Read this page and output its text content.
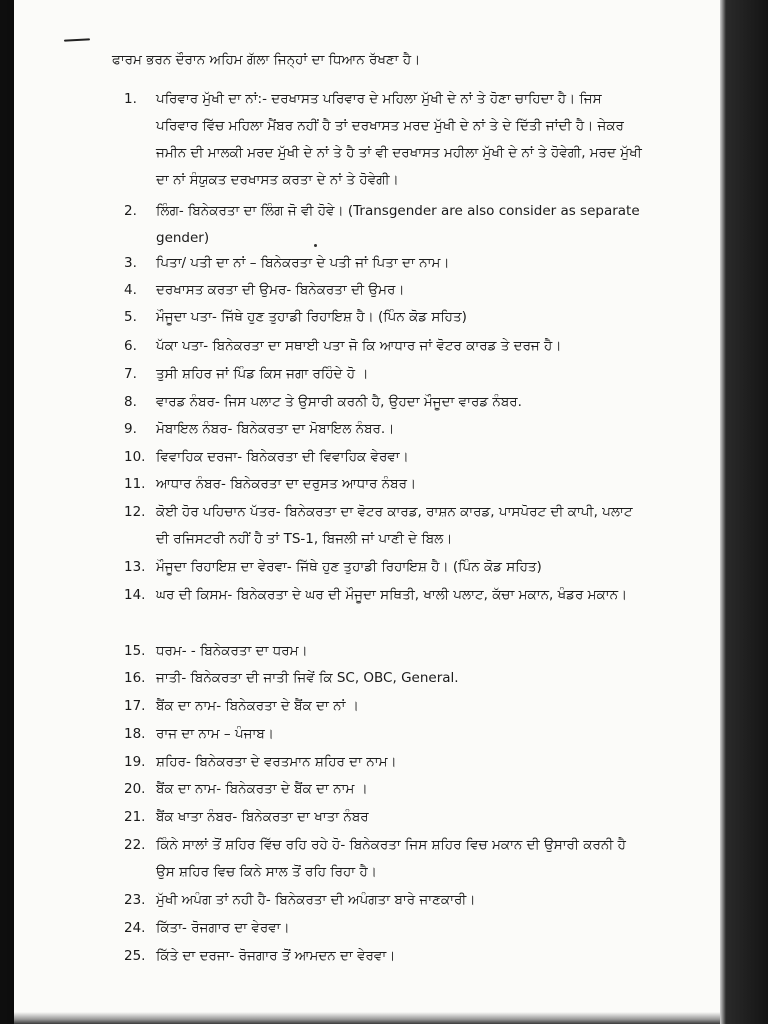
ਫਾਰਮ ਭਰਨ ਦੌਰਾਨ ਅਹਿਮ ਗੱਲਾ ਜਿਨ੍ਹਾਂ ਦਾ ਧਿਆਨ ਰੱਖਣਾ ਹੈ।
1.	ਪਰਿਵਾਰ ਮੁੱਖੀ ਦਾ ਨਾਂ:- ਦਰਖਾਸਤ ਪਰਿਵਾਰ ਦੇ ਮਹਿਲਾ ਮੁੱਖੀ ਦੇ ਨਾਂ ਤੇ ਹੋਣਾ ਚਾਹਿਦਾ ਹੈ। ਜਿਸ ਪਰਿਵਾਰ ਵਿੱਚ ਮਹਿਲਾ ਮੈਂਬਰ ਨਹੀਂ ਹੈ ਤਾਂ ਦਰਖਾਸਤ ਮਰਦ ਮੁੱਖੀ ਦੇ ਨਾਂ ਤੇ ਦੇ ਦਿੱਤੀ ਜਾਂਦੀ ਹੈ। ਜੇਕਰ ਜਮੀਨ ਦੀ ਮਾਲਕੀ ਮਰਦ ਮੁੱਖੀ ਦੇ ਨਾਂ ਤੇ ਹੈ ਤਾਂ ਵੀ ਦਰਖਾਸਤ ਮਹੀਲਾ ਮੁੱਖੀ ਦੇ ਨਾਂ ਤੇ ਹੋਵੇਗੀ, ਮਰਦ ਮੁੱਖੀ ਦਾ ਨਾਂ ਸੰਯੁਕਤ ਦਰਖਾਸਤ ਕਰਤਾ ਦੇ ਨਾਂ ਤੇ ਹੋਵੇਗੀ।
2.	ਲਿੰਗ- ਬਿਨੇਕਰਤਾ ਦਾ ਲਿੰਗ ਜੋ ਵੀ ਹੋਵੇ। (Transgender are also consider as separate gender)
3.	ਪਿਤਾ/ ਪਤੀ ਦਾ ਨਾਂ – ਬਿਨੇਕਰਤਾ ਦੇ ਪਤੀ ਜਾਂ ਪਿਤਾ ਦਾ ਨਾਮ।
4.	ਦਰਖਾਸਤ ਕਰਤਾ ਦੀ ਉਮਰ- ਬਿਨੇਕਰਤਾ ਦੀ ਉਮਰ।
5.	ਮੌਜੂਦਾ ਪਤਾ- ਜਿੱਥੇ ਹੁਣ ਤੁਹਾਡੀ ਰਿਹਾਇਸ਼ ਹੈ। (ਪਿੰਨ ਕੋਡ ਸਹਿਤ)
6.	ਪੱਕਾ ਪਤਾ- ਬਿਨੇਕਰਤਾ ਦਾ ਸਥਾਈ ਪਤਾ ਜੋ ਕਿ ਆਧਾਰ ਜਾਂ ਵੋਟਰ ਕਾਰਡ ਤੇ ਦਰਜ ਹੈ।
7.	ਤੁਸੀ ਸ਼ਹਿਰ ਜਾਂ ਪਿੰਡ ਕਿਸ ਜਗਾ ਰਹਿੰਦੇ ਹੋ ।
8.	ਵਾਰਡ ਨੰਬਰ- ਜਿਸ ਪਲਾਟ ਤੇ ਉਸਾਰੀ ਕਰਨੀ ਹੈ, ਉਹਦਾ ਮੌਜੂਦਾ ਵਾਰਡ ਨੰਬਰ.
9.	ਮੋਬਾਇਲ ਨੰਬਰ- ਬਿਨੇਕਰਤਾ ਦਾ ਮੋਬਾਇਲ ਨੰਬਰ.।
10. ਵਿਵਾਹਿਕ ਦਰਜਾ- ਬਿਨੇਕਰਤਾ ਦੀ ਵਿਵਾਹਿਕ ਵੇਰਵਾ।
11. ਆਧਾਰ ਨੰਬਰ- ਬਿਨੇਕਰਤਾ ਦਾ ਦਰੁਸਤ ਆਧਾਰ ਨੰਬਰ।
12. ਕੋਈ ਹੋਰ ਪਹਿਚਾਨ ਪੱਤਰ- ਬਿਨੇਕਰਤਾ ਦਾ ਵੋਟਰ ਕਾਰਡ, ਰਾਸ਼ਨ ਕਾਰਡ, ਪਾਸਪੋਰਟ ਦੀ ਕਾਪੀ, ਪਲਾਟ ਦੀ ਰਜਿਸਟਰੀ ਨਹੀਂ ਹੈ ਤਾਂ TS-1, ਬਿਜਲੀ ਜਾਂ ਪਾਣੀ ਦੇ ਬਿਲ।
13. ਮੌਜੂਦਾ ਰਿਹਾਇਸ਼ ਦਾ ਵੇਰਵਾ- ਜਿੱਥੇ ਹੁਣ ਤੁਹਾਡੀ ਰਿਹਾਇਸ਼ ਹੈ। (ਪਿੰਨ ਕੋਡ ਸਹਿਤ)
14. ਘਰ ਦੀ ਕਿਸਮ- ਬਿਨੇਕਰਤਾ ਦੇ ਘਰ ਦੀ ਮੌਜੂਦਾ ਸਥਿਤੀ, ਖਾਲੀ ਪਲਾਟ, ਕੱਚਾ ਮਕਾਨ, ਖੰਡਰ ਮਕਾਨ।
15. ਧਰਮ- - ਬਿਨੇਕਰਤਾ ਦਾ ਧਰਮ।
16. ਜਾਤੀ- ਬਿਨੇਕਰਤਾ ਦੀ ਜਾਤੀ ਜਿਵੇਂ ਕਿ SC, OBC, General.
17. ਬੈਂਕ ਦਾ ਨਾਮ- ਬਿਨੇਕਰਤਾ ਦੇ ਬੈਂਕ ਦਾ ਨਾਂ ।
18. ਰਾਜ ਦਾ ਨਾਮ – ਪੰਜਾਬ।
19. ਸ਼ਹਿਰ- ਬਿਨੇਕਰਤਾ ਦੇ ਵਰਤਮਾਨ ਸ਼ਹਿਰ ਦਾ ਨਾਮ।
20. ਬੈਂਕ ਦਾ ਨਾਮ- ਬਿਨੇਕਰਤਾ ਦੇ ਬੈਂਕ ਦਾ ਨਾਮ ।
21. ਬੈਂਕ ਖਾਤਾ ਨੰਬਰ- ਬਿਨੇਕਰਤਾ ਦਾ ਖਾਤਾ ਨੰਬਰ
22. ਕਿੰਨੇ ਸਾਲਾਂ ਤੋਂ ਸ਼ਹਿਰ ਵਿੱਚ ਰਹਿ ਰਹੇ ਹੋ- ਬਿਨੇਕਰਤਾ ਜਿਸ ਸ਼ਹਿਰ ਵਿਚ ਮਕਾਨ ਦੀ ਉਸਾਰੀ ਕਰਨੀ ਹੈ ਉਸ ਸ਼ਹਿਰ ਵਿਚ ਕਿਨੇ ਸਾਲ ਤੋਂ ਰਹਿ ਰਿਹਾ ਹੈ।
23. ਮੁੱਖੀ ਅਪੰਗ ਤਾਂ ਨਹੀ ਹੈ- ਬਿਨੇਕਰਤਾ ਦੀ ਅਪੰਗਤਾ ਬਾਰੇ ਜਾਣਕਾਰੀ।
24. ਕਿੱਤਾ- ਰੋਜਗਾਰ ਦਾ ਵੇਰਵਾ।
25. ਕਿੱਤੇ ਦਾ ਦਰਜਾ- ਰੋਜਗਾਰ ਤੋਂ ਆਮਦਨ ਦਾ ਵੇਰਵਾ।
